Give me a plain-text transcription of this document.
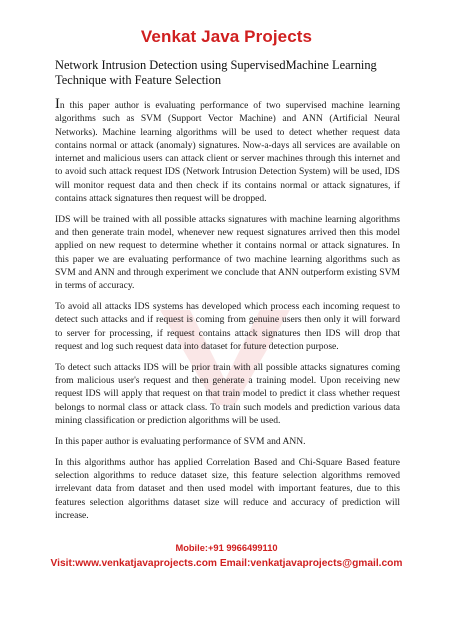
Venkat Java Projects
Network Intrusion Detection using SupervisedMachine Learning Technique with Feature Selection

In this paper author is evaluating performance of two supervised machine learning algorithms such as SVM (Support Vector Machine) and ANN (Artificial Neural Networks). Machine learning algorithms will be used to detect whether request data contains normal or attack (anomaly) signatures. Now-a-days all services are available on internet and malicious users can attack client or server machines through this internet and to avoid such attack request IDS (Network Intrusion Detection System) will be used, IDS will monitor request data and then check if its contains normal or attack signatures, if contains attack signatures then request will be dropped.

IDS will be trained with all possible attacks signatures with machine learning algorithms and then generate train model, whenever new request signatures arrived then this model applied on new request to determine whether it contains normal or attack signatures. In this paper we are evaluating performance of two machine learning algorithms such as SVM and ANN and through experiment we conclude that ANN outperform existing SVM in terms of accuracy.

To avoid all attacks IDS systems has developed which process each incoming request to detect such attacks and if request is coming from genuine users then only it will forward to server for processing, if request contains attack signatures then IDS will drop that request and log such request data into dataset for future detection purpose.

To detect such attacks IDS will be prior train with all possible attacks signatures coming from malicious user's request and then generate a training model. Upon receiving new request IDS will apply that request on that train model to predict it class whether request belongs to normal class or attack class. To train such models and prediction various data mining classification or prediction algorithms will be used.

In this paper author is evaluating performance of SVM and ANN.

In this algorithms author has applied Correlation Based and Chi-Square Based feature selection algorithms to reduce dataset size, this feature selection algorithms removed irrelevant data from dataset and then used model with important features, due to this features selection algorithms dataset size will reduce and accuracy of prediction will increase.

Mobile:+91 9966499110
Visit:www.venkatjavaprojects.com Email:venkatjavaprojects@gmail.com
